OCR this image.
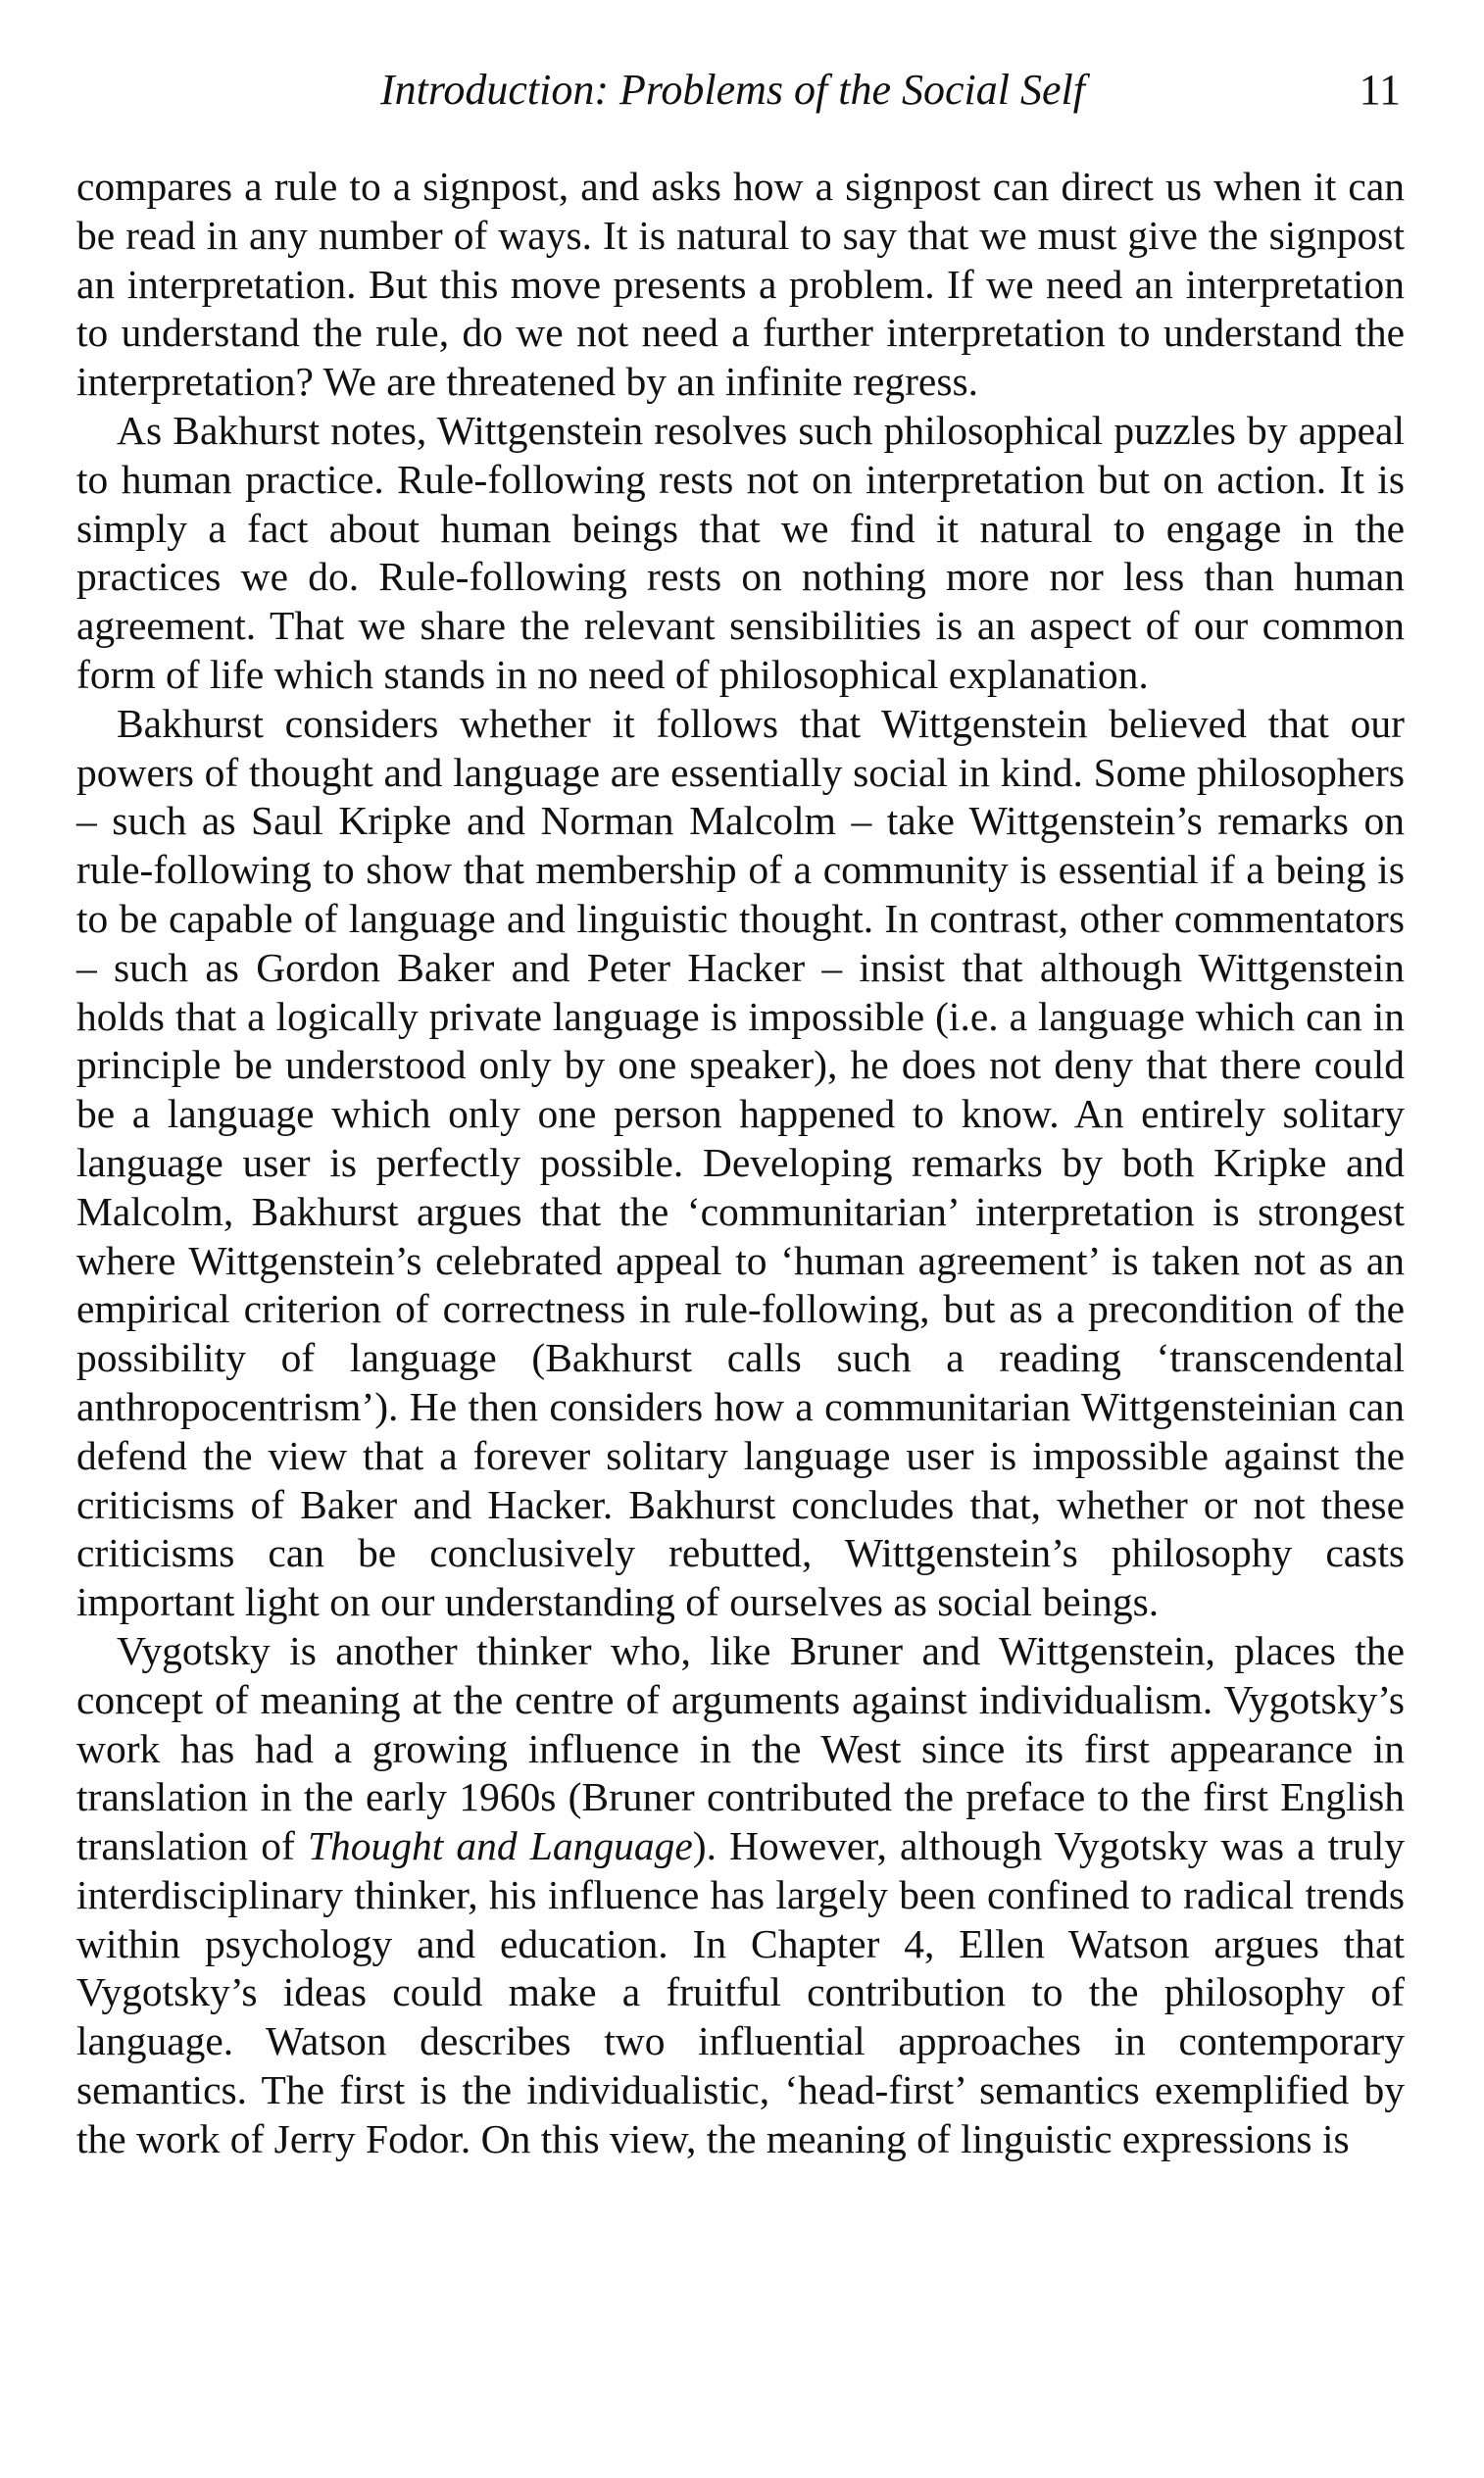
Introduction: Problems of the Social Self	11

compares a rule to a signpost, and asks how a signpost can direct us when it can be read in any number of ways. It is natural to say that we must give the signpost an interpretation. But this move presents a problem. If we need an interpretation to understand the rule, do we not need a further interpretation to understand the interpretation? We are threatened by an infinite regress.

As Bakhurst notes, Wittgenstein resolves such philosophical puzzles by appeal to human practice. Rule-following rests not on interpretation but on action. It is simply a fact about human beings that we find it natural to engage in the practices we do. Rule-following rests on nothing more nor less than human agreement. That we share the relevant sensibilities is an aspect of our common form of life which stands in no need of philosophical explanation.

Bakhurst considers whether it follows that Wittgenstein believed that our powers of thought and language are essentially social in kind. Some philosophers – such as Saul Kripke and Norman Malcolm – take Wittgenstein’s remarks on rule-following to show that membership of a community is essential if a being is to be capable of language and linguistic thought. In contrast, other commentators – such as Gordon Baker and Peter Hacker – insist that although Wittgenstein holds that a logically private language is impossible (i.e. a language which can in principle be understood only by one speaker), he does not deny that there could be a language which only one person happened to know. An entirely solitary language user is perfectly possible. Developing remarks by both Kripke and Malcolm, Bakhurst argues that the ‘communitarian’ interpretation is strongest where Wittgenstein’s celebrated appeal to ‘human agreement’ is taken not as an empirical criterion of correctness in rule-following, but as a precondition of the possibility of language (Bakhurst calls such a reading ‘transcendental anthropocentrism’). He then considers how a communitarian Wittgensteinian can defend the view that a forever solitary language user is impossible against the criticisms of Baker and Hacker. Bakhurst concludes that, whether or not these criticisms can be conclusively rebutted, Wittgenstein’s philosophy casts important light on our understanding of ourselves as social beings.

Vygotsky is another thinker who, like Bruner and Wittgenstein, places the concept of meaning at the centre of arguments against individualism. Vygotsky’s work has had a growing influence in the West since its first appearance in translation in the early 1960s (Bruner contributed the preface to the first English translation of Thought and Language). However, although Vygotsky was a truly interdisciplinary thinker, his influence has largely been confined to radical trends within psychology and education. In Chapter 4, Ellen Watson argues that Vygotsky’s ideas could make a fruitful contribution to the philosophy of language. Watson describes two influential approaches in contemporary semantics. The first is the individualistic, ‘head-first’ semantics exemplified by the work of Jerry Fodor. On this view, the meaning of linguistic expressions is
